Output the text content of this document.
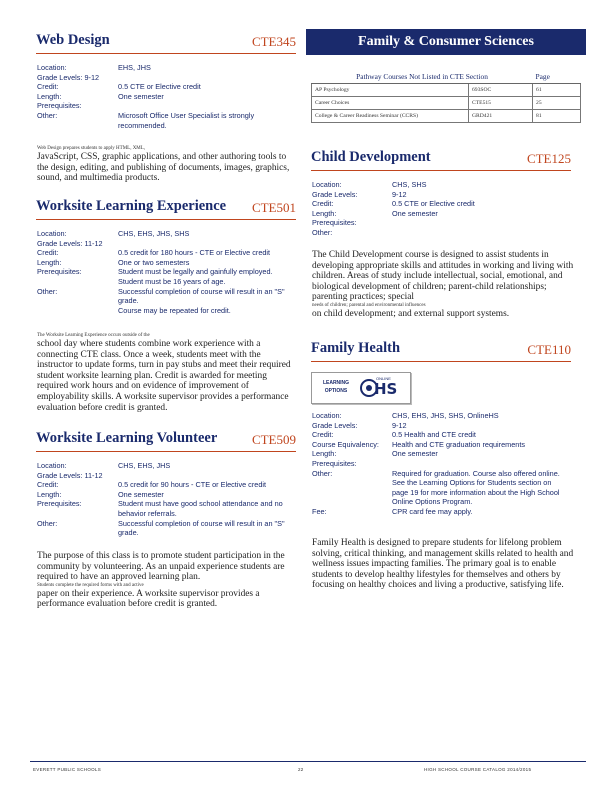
Web Design	CTE345
Location:	EHS, JHS
Grade Levels: 9-12
Credit:	0.5 CTE or Elective credit
Length:	One semester
Prerequisites:
Other:	Microsoft Office User Specialist is strongly
recommended.
Web Design prepares students to apply HTML, XML,
JavaScript, CSS, graphic applications, and other authoring tools to the design, editing, and publishing of documents, images, graphics, sound, and multimedia products.
Worksite Learning Experience	CTE501
Location:	CHS, EHS, JHS, SHS
Grade Levels: 11-12
Credit:	0.5 credit for 180 hours - CTE or Elective credit
Length:	One or two semesters
Prerequisites:	Student must be legally and gainfully employed.
Student must be 16 years of age.
Other:	Successful completion of course will result in an "S"
grade.
Course may be repeated for credit.
The Worksite Learning Experience occurs outside of the
school day where students combine work experience with a connecting CTE class. Once a week, students meet with the instructor to update forms, turn in pay stubs and meet their required student worksite learning plan. Credit is awarded for meeting required work hours and on evidence of improvement of employability skills. A worksite supervisor provides a performance evaluation before credit is granted.
Worksite Learning Volunteer	CTE509
Location:	CHS, EHS, JHS
Grade Levels: 11-12
Credit:	0.5 credit for 90 hours - CTE or Elective credit
Length:	One semester
Prerequisites:	Student must have good school attendance and no
behavior referrals.
Other:	Successful completion of course will result in an "S"
grade.
The purpose of this class is to promote student participation in the community by volunteering. As an unpaid experience students are required to have an approved learning plan.
Students complete the required forms with and active
paper on their experience. A worksite supervisor provides a performance evaluation before credit is granted.
Family & Consumer Sciences
Pathway Courses Not Listed in CTE Section		Page
AP Psychology	693SOC	61
Career Choices	CTE515	25
College & Career Readiness Seminar (CCRS)	GRD421	81
Child Development	CTE125
Location:	CHS, SHS
Grade Levels:	9-12
Credit:	0.5 CTE or Elective credit
Length:	One semester
Prerequisites:
Other:
The Child Development course is designed to assist students in developing appropriate skills and attitudes in working and living with children. Areas of study include intellectual, social, emotional, and biological development of children; parent-child relationships; parenting practices; special
needs of children; parental and environmental influences
on child development; and external support systems.
Family Health	CTE110
LEARNING
OPTIONS
ONLINE
HS
Location:	CHS, EHS, JHS, SHS, OnlineHS
Grade Levels:	9-12
Credit:	0.5 Health and CTE credit
Course Equivalency: Health and CTE graduation requirements
Length:	One semester
Prerequisites:
Other:	Required for graduation. Course also offered online.
See the Learning Options for Students section on
page 19 for more information about the High School
Online Options Program.
Fee:	CPR card fee may apply.
Family Health is designed to prepare students for lifelong problem solving, critical thinking, and management skills related to health and wellness issues impacting families. The primary goal is to enable students to develop healthy lifestyles for themselves and others by focusing on healthy choices and living a productive, satisfying life.
EVERETT PUBLIC SCHOOLS	22	HIGH SCHOOL COURSE CATALOG 2014/2015
